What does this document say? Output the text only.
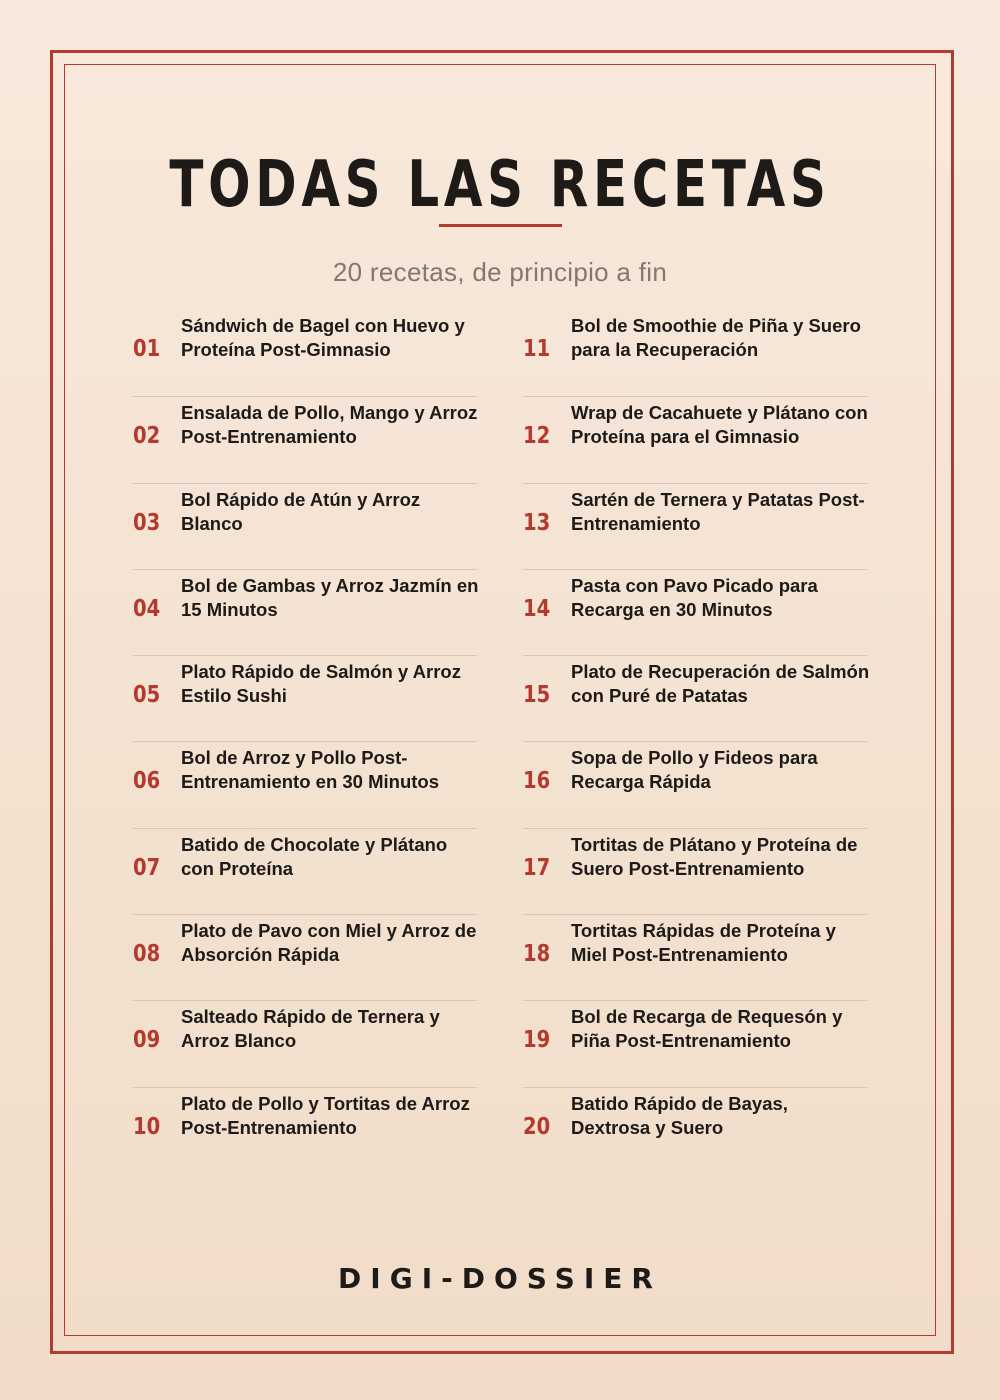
TODAS LAS RECETAS
20 recetas, de principio a fin
01
Sándwich de Bagel con Huevo y Proteína Post-Gimnasio
02
Ensalada de Pollo, Mango y Arroz Post-Entrenamiento
03
Bol Rápido de Atún y Arroz Blanco
04
Bol de Gambas y Arroz Jazmín en 15 Minutos
05
Plato Rápido de Salmón y Arroz Estilo Sushi
06
Bol de Arroz y Pollo Post-Entrenamiento en 30 Minutos
07
Batido de Chocolate y Plátano con Proteína
08
Plato de Pavo con Miel y Arroz de Absorción Rápida
09
Salteado Rápido de Ternera y Arroz Blanco
10
Plato de Pollo y Tortitas de Arroz Post-Entrenamiento
11
Bol de Smoothie de Piña y Suero para la Recuperación
12
Wrap de Cacahuete y Plátano con Proteína para el Gimnasio
13
Sartén de Ternera y Patatas Post-Entrenamiento
14
Pasta con Pavo Picado para Recarga en 30 Minutos
15
Plato de Recuperación de Salmón con Puré de Patatas
16
Sopa de Pollo y Fideos para Recarga Rápida
17
Tortitas de Plátano y Proteína de Suero Post-Entrenamiento
18
Tortitas Rápidas de Proteína y Miel Post-Entrenamiento
19
Bol de Recarga de Requesón y Piña Post-Entrenamiento
20
Batido Rápido de Bayas, Dextrosa y Suero
DIGI-DOSSIER
